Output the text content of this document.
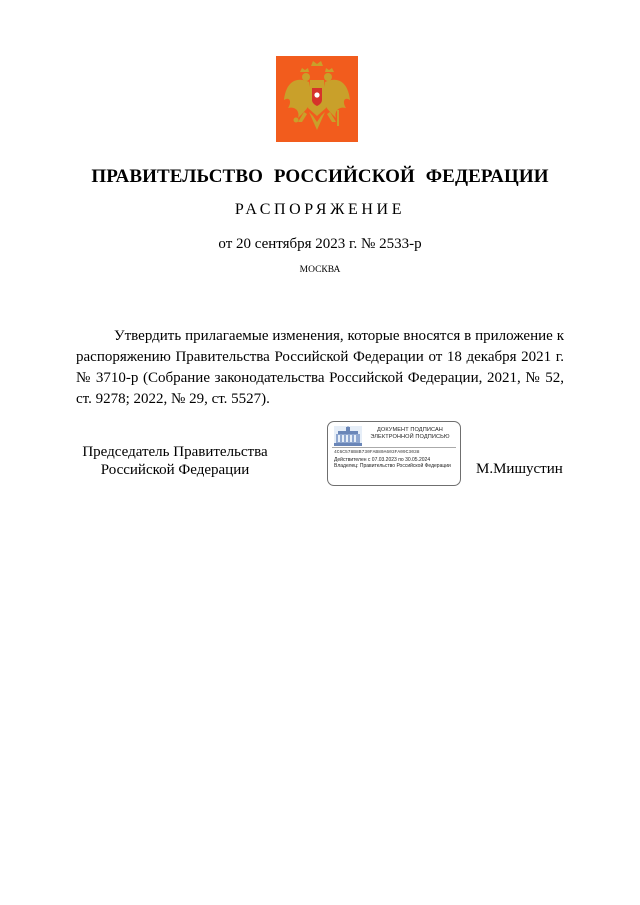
ПРАВИТЕЛЬСТВО РОССИЙСКОЙ ФЕДЕРАЦИИ
РАСПОРЯЖЕНИЕ
от 20 сентября 2023 г. № 2533-р
МОСКВА
Утвердить прилагаемые изменения, которые вносятся в приложение к распоряжению Правительства Российской Федерации от 18 декабря 2021 г. № 3710-р (Собрание законодательства Российской Федерации, 2021, № 52, ст. 9278; 2022, № 29, ст. 5527).
Председатель Правительства
Российской Федерации
ДОКУМЕНТ ПОДПИСАН
ЭЛЕКТРОННОЙ ПОДПИСЬЮ
4C6C578B8B730FAB80A603FA09C3038
Действителен с 07.03.2023 по 30.05.2024
Владелец: Правительство Российской Федерации М.Мишустин
